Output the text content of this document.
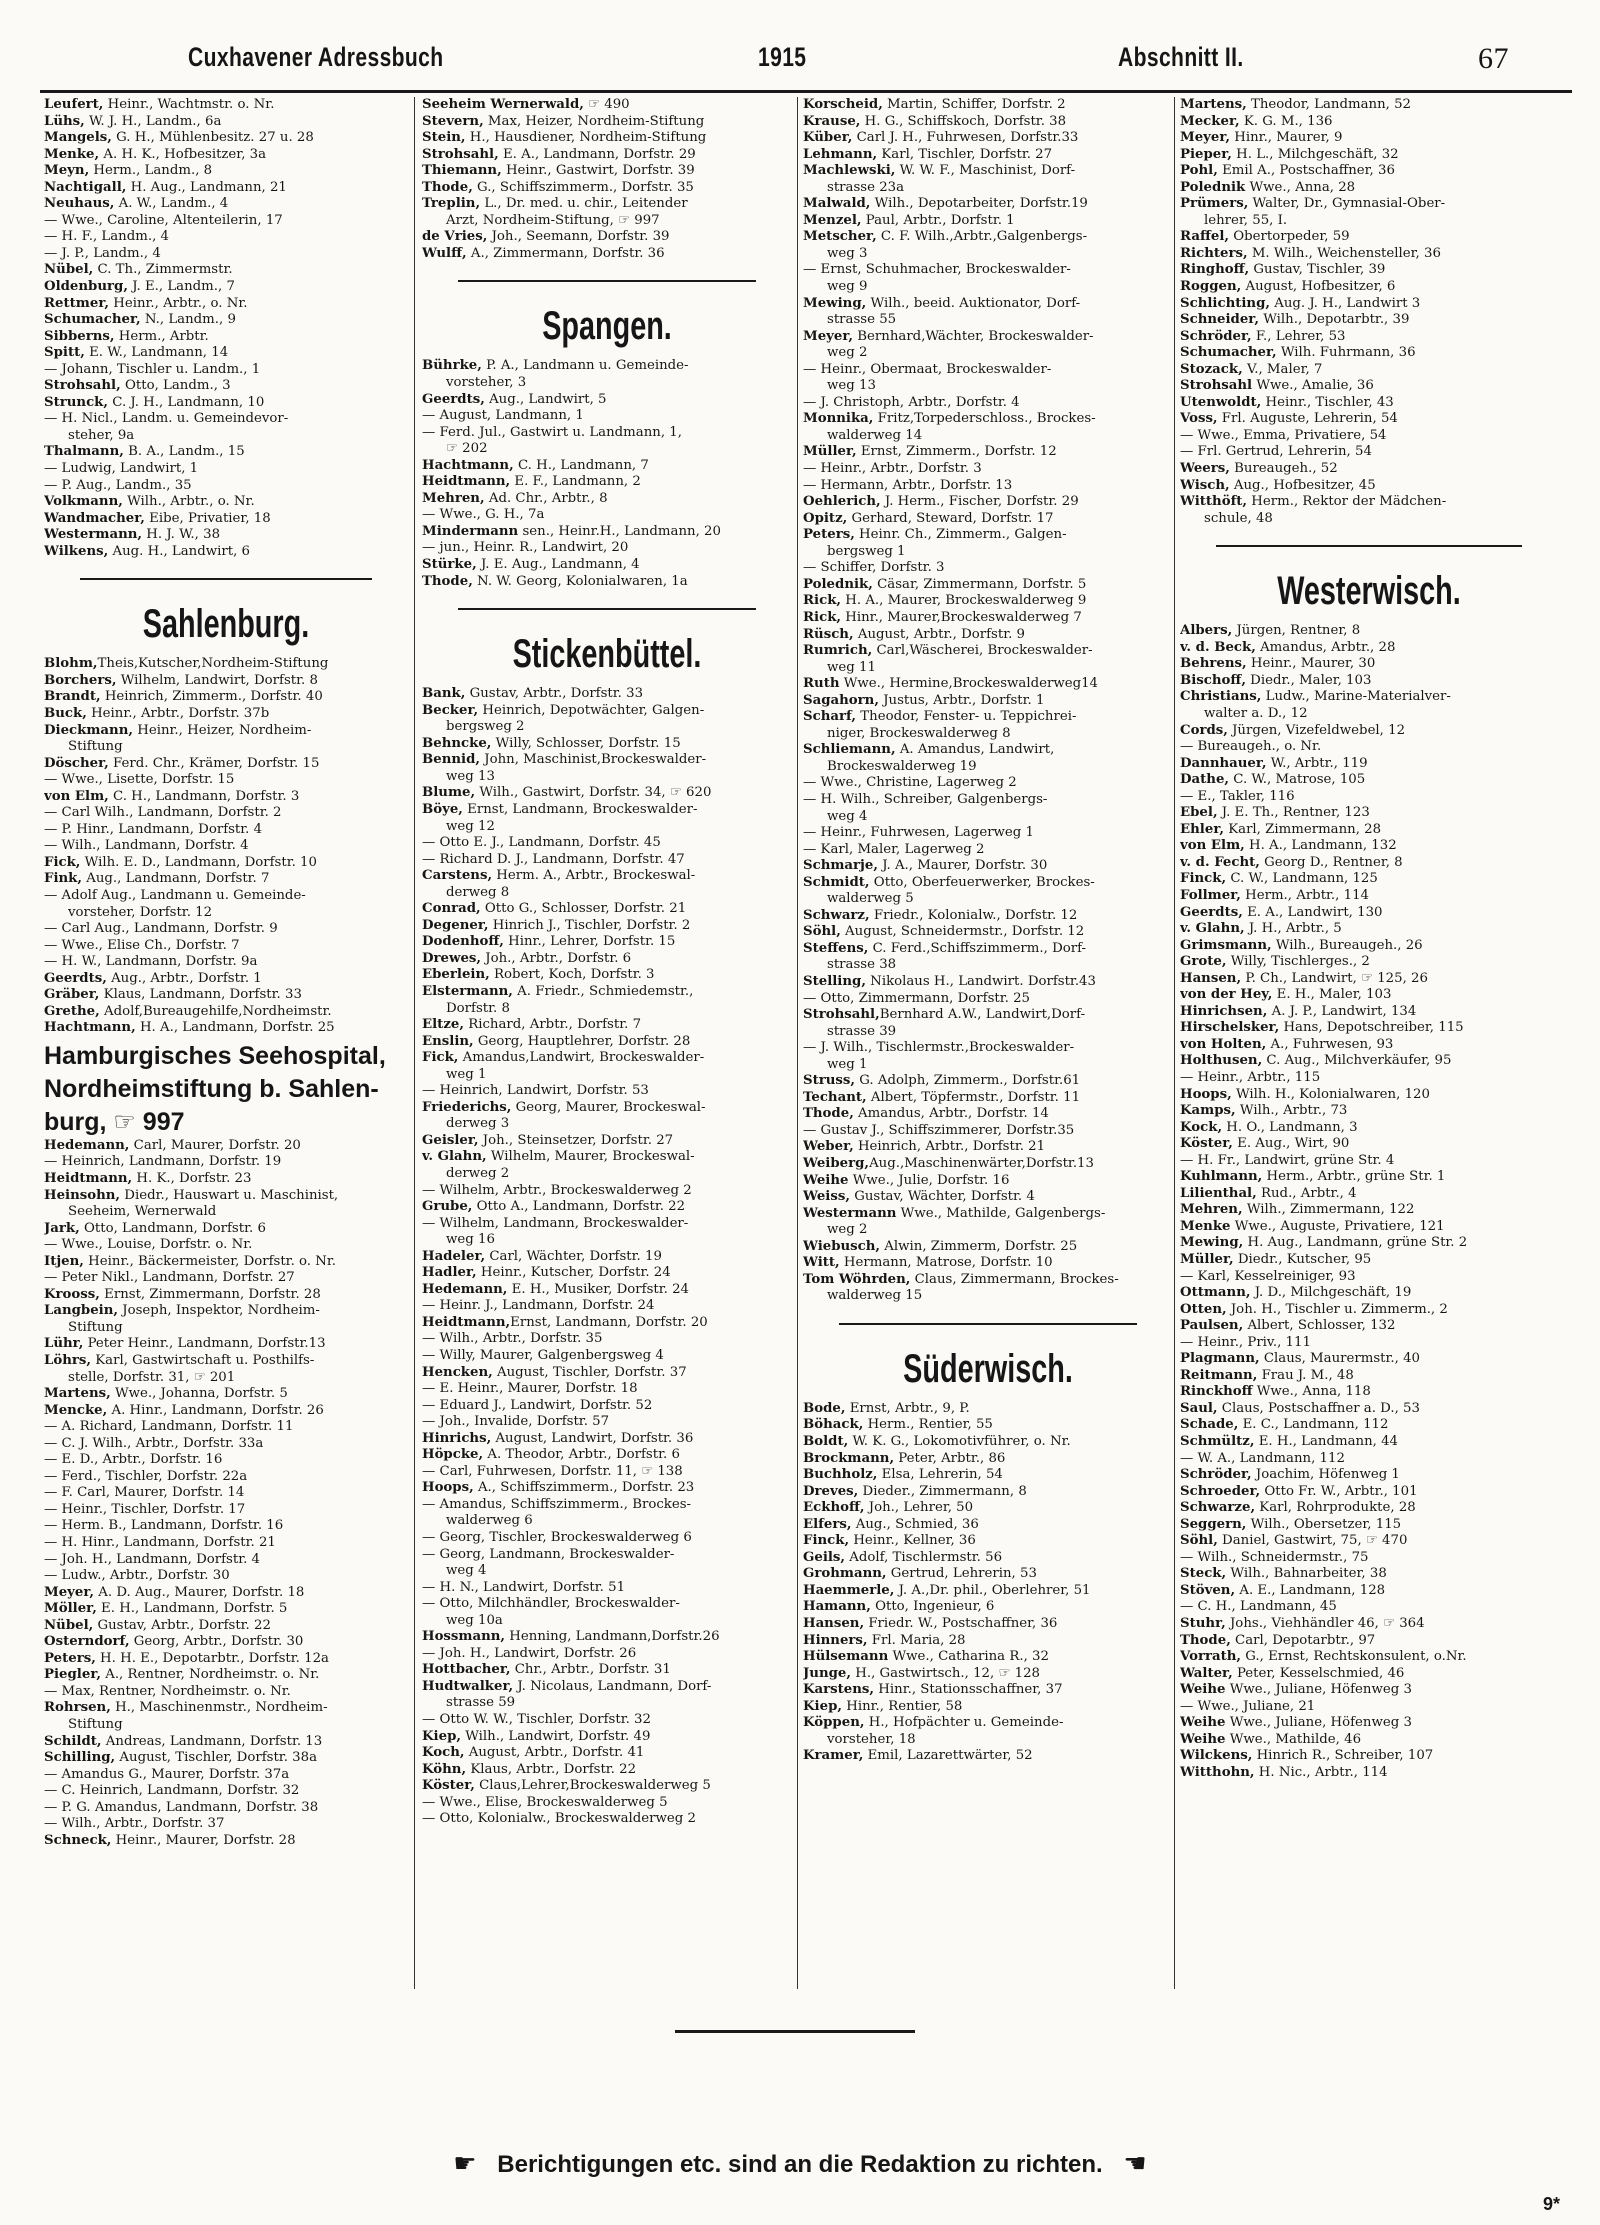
Cuxhavener Adressbuch	1915	Abschnitt II.	67
Leufert, Heinr., Wachtmstr. o. Nr.
Lühs, W. J. H., Landm., 6a
Mangels, G. H., Mühlenbesitz. 27 u. 28
Menke, A. H. K., Hofbesitzer, 3a
Meyn, Herm., Landm., 8
Nachtigall, H. Aug., Landmann, 21
Neuhaus, A. W., Landm., 4
— Wwe., Caroline, Altenteilerin, 17
— H. F., Landm., 4
— J. P., Landm., 4
Nübel, C. Th., Zimmermstr.
Oldenburg, J. E., Landm., 7
Rettmer, Heinr., Arbtr., o. Nr.
Schumacher, N., Landm., 9
Sibberns, Herm., Arbtr.
Spitt, E. W., Landmann, 14
— Johann, Tischler u. Landm., 1
Strohsahl, Otto, Landm., 3
Strunck, C. J. H., Landmann, 10
— H. Nicl., Landm. u. Gemeindevor-
steher, 9a
Thalmann, B. A., Landm., 15
— Ludwig, Landwirt, 1
— P. Aug., Landm., 35
Volkmann, Wilh., Arbtr., o. Nr.
Wandmacher, Eibe, Privatier, 18
Westermann, H. J. W., 38
Wilkens, Aug. H., Landwirt, 6
Sahlenburg.
Blohm,Theis,Kutscher,Nordheim-Stiftung
Borchers, Wilhelm, Landwirt, Dorfstr. 8
Brandt, Heinrich, Zimmerm., Dorfstr. 40
Buck, Heinr., Arbtr., Dorfstr. 37b
Dieckmann, Heinr., Heizer, Nordheim-
Stiftung
Döscher, Ferd. Chr., Krämer, Dorfstr. 15
— Wwe., Lisette, Dorfstr. 15
von Elm, C. H., Landmann, Dorfstr. 3
— Carl Wilh., Landmann, Dorfstr. 2
— P. Hinr., Landmann, Dorfstr. 4
— Wilh., Landmann, Dorfstr. 4
Fick, Wilh. E. D., Landmann, Dorfstr. 10
Fink, Aug., Landmann, Dorfstr. 7
— Adolf Aug., Landmann u. Gemeinde-
vorsteher, Dorfstr. 12
— Carl Aug., Landmann, Dorfstr. 9
— Wwe., Elise Ch., Dorfstr. 7
— H. W., Landmann, Dorfstr. 9a
Geerdts, Aug., Arbtr., Dorfstr. 1
Gräber, Klaus, Landmann, Dorfstr. 33
Grethe, Adolf,Bureaugehilfe,Nordheimstr.
Hachtmann, H. A., Landmann, Dorfstr. 25
Hamburgisches Seehospital,
Nordheimstiftung b. Sahlen-
burg, ☞ 997
Hedemann, Carl, Maurer, Dorfstr. 20
— Heinrich, Landmann, Dorfstr. 19
Heidtmann, H. K., Dorfstr. 23
Heinsohn, Diedr., Hauswart u. Maschinist,
Seeheim, Wernerwald
Jark, Otto, Landmann, Dorfstr. 6
— Wwe., Louise, Dorfstr. o. Nr.
Itjen, Heinr., Bäckermeister, Dorfstr. o. Nr.
— Peter Nikl., Landmann, Dorfstr. 27
Krooss, Ernst, Zimmermann, Dorfstr. 28
Langbein, Joseph, Inspektor, Nordheim-
Stiftung
Lühr, Peter Heinr., Landmann, Dorfstr.13
Löhrs, Karl, Gastwirtschaft u. Posthilfs-
stelle, Dorfstr. 31, ☞ 201
Martens, Wwe., Johanna, Dorfstr. 5
Mencke, A. Hinr., Landmann, Dorfstr. 26
— A. Richard, Landmann, Dorfstr. 11
— C. J. Wilh., Arbtr., Dorfstr. 33a
— E. D., Arbtr., Dorfstr. 16
— Ferd., Tischler, Dorfstr. 22a
— F. Carl, Maurer, Dorfstr. 14
— Heinr., Tischler, Dorfstr. 17
— Herm. B., Landmann, Dorfstr. 16
— H. Hinr., Landmann, Dorfstr. 21
— Joh. H., Landmann, Dorfstr. 4
— Ludw., Arbtr., Dorfstr. 30
Meyer, A. D. Aug., Maurer, Dorfstr. 18
Möller, E. H., Landmann, Dorfstr. 5
Nübel, Gustav, Arbtr., Dorfstr. 22
Osterndorf, Georg, Arbtr., Dorfstr. 30
Peters, H. H. E., Depotarbtr., Dorfstr. 12a
Piegler, A., Rentner, Nordheimstr. o. Nr.
— Max, Rentner, Nordheimstr. o. Nr.
Rohrsen, H., Maschinenmstr., Nordheim-
Stiftung
Schildt, Andreas, Landmann, Dorfstr. 13
Schilling, August, Tischler, Dorfstr. 38a
— Amandus G., Maurer, Dorfstr. 37a
— C. Heinrich, Landmann, Dorfstr. 32
— P. G. Amandus, Landmann, Dorfstr. 38
— Wilh., Arbtr., Dorfstr. 37
Schneck, Heinr., Maurer, Dorfstr. 28
Seeheim Wernerwald, ☞ 490
Stevern, Max, Heizer, Nordheim-Stiftung
Stein, H., Hausdiener, Nordheim-Stiftung
Strohsahl, E. A., Landmann, Dorfstr. 29
Thiemann, Heinr., Gastwirt, Dorfstr. 39
Thode, G., Schiffszimmerm., Dorfstr. 35
Treplin, L., Dr. med. u. chir., Leitender
Arzt, Nordheim-Stiftung, ☞ 997
de Vries, Joh., Seemann, Dorfstr. 39
Wulff, A., Zimmermann, Dorfstr. 36
Spangen.
Bührke, P. A., Landmann u. Gemeinde-
vorsteher, 3
Geerdts, Aug., Landwirt, 5
— August, Landmann, 1
— Ferd. Jul., Gastwirt u. Landmann, 1,
☞ 202
Hachtmann, C. H., Landmann, 7
Heidtmann, E. F., Landmann, 2
Mehren, Ad. Chr., Arbtr., 8
— Wwe., G. H., 7a
Mindermann sen., Heinr.H., Landmann, 20
— jun., Heinr. R., Landwirt, 20
Stürke, J. E. Aug., Landmann, 4
Thode, N. W. Georg, Kolonialwaren, 1a
Stickenbüttel.
Bank, Gustav, Arbtr., Dorfstr. 33
Becker, Heinrich, Depotwächter, Galgen-
bergsweg 2
Behncke, Willy, Schlosser, Dorfstr. 15
Bennid, John, Maschinist,Brockeswalder-
weg 13
Blume, Wilh., Gastwirt, Dorfstr. 34, ☞ 620
Böye, Ernst, Landmann, Brockeswalder-
weg 12
— Otto E. J., Landmann, Dorfstr. 45
— Richard D. J., Landmann, Dorfstr. 47
Carstens, Herm. A., Arbtr., Brockeswal-
derweg 8
Conrad, Otto G., Schlosser, Dorfstr. 21
Degener, Hinrich J., Tischler, Dorfstr. 2
Dodenhoff, Hinr., Lehrer, Dorfstr. 15
Drewes, Joh., Arbtr., Dorfstr. 6
Eberlein, Robert, Koch, Dorfstr. 3
Elstermann, A. Friedr., Schmiedemstr.,
Dorfstr. 8
Eltze, Richard, Arbtr., Dorfstr. 7
Enslin, Georg, Hauptlehrer, Dorfstr. 28
Fick, Amandus,Landwirt, Brockeswalder-
weg 1
— Heinrich, Landwirt, Dorfstr. 53
Friederichs, Georg, Maurer, Brockeswal-
derweg 3
Geisler, Joh., Steinsetzer, Dorfstr. 27
v. Glahn, Wilhelm, Maurer, Brockeswal-
derweg 2
— Wilhelm, Arbtr., Brockeswalderweg 2
Grube, Otto A., Landmann, Dorfstr. 22
— Wilhelm, Landmann, Brockeswalder-
weg 16
Hadeler, Carl, Wächter, Dorfstr. 19
Hadler, Heinr., Kutscher, Dorfstr. 24
Hedemann, E. H., Musiker, Dorfstr. 24
— Heinr. J., Landmann, Dorfstr. 24
Heidtmann,Ernst, Landmann, Dorfstr. 20
— Wilh., Arbtr., Dorfstr. 35
— Willy, Maurer, Galgenbergsweg 4
Hencken, August, Tischler, Dorfstr. 37
— E. Heinr., Maurer, Dorfstr. 18
— Eduard J., Landwirt, Dorfstr. 52
— Joh., Invalide, Dorfstr. 57
Hinrichs, August, Landwirt, Dorfstr. 36
Höpcke, A. Theodor, Arbtr., Dorfstr. 6
— Carl, Fuhrwesen, Dorfstr. 11, ☞ 138
Hoops, A., Schiffszimmerm., Dorfstr. 23
— Amandus, Schiffszimmerm., Brockes-
walderweg 6
— Georg, Tischler, Brockeswalderweg 6
— Georg, Landmann, Brockeswalder-
weg 4
— H. N., Landwirt, Dorfstr. 51
— Otto, Milchhändler, Brockeswalder-
weg 10a
Hossmann, Henning, Landmann,Dorfstr.26
— Joh. H., Landwirt, Dorfstr. 26
Hottbacher, Chr., Arbtr., Dorfstr. 31
Hudtwalker, J. Nicolaus, Landmann, Dorf-
strasse 59
— Otto W. W., Tischler, Dorfstr. 32
Kiep, Wilh., Landwirt, Dorfstr. 49
Koch, August, Arbtr., Dorfstr. 41
Köhn, Klaus, Arbtr., Dorfstr. 22
Köster, Claus,Lehrer,Brockeswalderweg 5
— Wwe., Elise, Brockeswalderweg 5
— Otto, Kolonialw., Brockeswalderweg 2
Korscheid, Martin, Schiffer, Dorfstr. 2
Krause, H. G., Schiffskoch, Dorfstr. 38
Küber, Carl J. H., Fuhrwesen, Dorfstr.33
Lehmann, Karl, Tischler, Dorfstr. 27
Machlewski, W. W. F., Maschinist, Dorf-
strasse 23a
Malwald, Wilh., Depotarbeiter, Dorfstr.19
Menzel, Paul, Arbtr., Dorfstr. 1
Metscher, C. F. Wilh.,Arbtr.,Galgenbergs-
weg 3
— Ernst, Schuhmacher, Brockeswalder-
weg 9
Mewing, Wilh., beeid. Auktionator, Dorf-
strasse 55
Meyer, Bernhard,Wächter, Brockeswalder-
weg 2
— Heinr., Obermaat, Brockeswalder-
weg 13
— J. Christoph, Arbtr., Dorfstr. 4
Monnika, Fritz,Torpederschloss., Brockes-
walderweg 14
Müller, Ernst, Zimmerm., Dorfstr. 12
— Heinr., Arbtr., Dorfstr. 3
— Hermann, Arbtr., Dorfstr. 13
Oehlerich, J. Herm., Fischer, Dorfstr. 29
Opitz, Gerhard, Steward, Dorfstr. 17
Peters, Heinr. Ch., Zimmerm., Galgen-
bergsweg 1
— Schiffer, Dorfstr. 3
Polednik, Cäsar, Zimmermann, Dorfstr. 5
Rick, H. A., Maurer, Brockeswalderweg 9
Rick, Hinr., Maurer,Brockeswalderweg 7
Rüsch, August, Arbtr., Dorfstr. 9
Rumrich, Carl,Wäscherei, Brockeswalder-
weg 11
Ruth Wwe., Hermine,Brockeswalderweg14
Sagahorn, Justus, Arbtr., Dorfstr. 1
Scharf, Theodor, Fenster- u. Teppichrei-
niger, Brockeswalderweg 8
Schliemann, A. Amandus, Landwirt,
Brockeswalderweg 19
— Wwe., Christine, Lagerweg 2
— H. Wilh., Schreiber, Galgenbergs-
weg 4
— Heinr., Fuhrwesen, Lagerweg 1
— Karl, Maler, Lagerweg 2
Schmarje, J. A., Maurer, Dorfstr. 30
Schmidt, Otto, Oberfeuerwerker, Brockes-
walderweg 5
Schwarz, Friedr., Kolonialw., Dorfstr. 12
Söhl, August, Schneidermstr., Dorfstr. 12
Steffens, C. Ferd.,Schiffszimmerm., Dorf-
strasse 38
Stelling, Nikolaus H., Landwirt. Dorfstr.43
— Otto, Zimmermann, Dorfstr. 25
Strohsahl,Bernhard A.W., Landwirt,Dorf-
strasse 39
— J. Wilh., Tischlermstr.,Brockeswalder-
weg 1
Struss, G. Adolph, Zimmerm., Dorfstr.61
Techant, Albert, Töpfermstr., Dorfstr. 11
Thode, Amandus, Arbtr., Dorfstr. 14
— Gustav J., Schiffszimmerer, Dorfstr.35
Weber, Heinrich, Arbtr., Dorfstr. 21
Weiberg,Aug.,Maschinenwärter,Dorfstr.13
Weihe Wwe., Julie, Dorfstr. 16
Weiss, Gustav, Wächter, Dorfstr. 4
Westermann Wwe., Mathilde, Galgenbergs-
weg 2
Wiebusch, Alwin, Zimmerm, Dorfstr. 25
Witt, Hermann, Matrose, Dorfstr. 10
Tom Wöhrden, Claus, Zimmermann, Brockes-
walderweg 15
Süderwisch.
Bode, Ernst, Arbtr., 9, P.
Böhack, Herm., Rentier, 55
Boldt, W. K. G., Lokomotivführer, o. Nr.
Brockmann, Peter, Arbtr., 86
Buchholz, Elsa, Lehrerin, 54
Dreves, Dieder., Zimmermann, 8
Eckhoff, Joh., Lehrer, 50
Elfers, Aug., Schmied, 36
Finck, Heinr., Kellner, 36
Geils, Adolf, Tischlermstr. 56
Grohmann, Gertrud, Lehrerin, 53
Haemmerle, J. A.,Dr. phil., Oberlehrer, 51
Hamann, Otto, Ingenieur, 6
Hansen, Friedr. W., Postschaffner, 36
Hinners, Frl. Maria, 28
Hülsemann Wwe., Catharina R., 32
Junge, H., Gastwirtsch., 12, ☞ 128
Karstens, Hinr., Stationsschaffner, 37
Kiep, Hinr., Rentier, 58
Köppen, H., Hofpächter u. Gemeinde-
vorsteher, 18
Kramer, Emil, Lazarettwärter, 52
Martens, Theodor, Landmann, 52
Mecker, K. G. M., 136
Meyer, Hinr., Maurer, 9
Pieper, H. L., Milchgeschäft, 32
Pohl, Emil A., Postschaffner, 36
Polednik Wwe., Anna, 28
Prümers, Walter, Dr., Gymnasial-Ober-
lehrer, 55, I.
Raffel, Obertorpeder, 59
Richters, M. Wilh., Weichensteller, 36
Ringhoff, Gustav, Tischler, 39
Roggen, August, Hofbesitzer, 6
Schlichting, Aug. J. H., Landwirt 3
Schneider, Wilh., Depotarbtr., 39
Schröder, F., Lehrer, 53
Schumacher, Wilh. Fuhrmann, 36
Stozack, V., Maler, 7
Strohsahl Wwe., Amalie, 36
Utenwoldt, Heinr., Tischler, 43
Voss, Frl. Auguste, Lehrerin, 54
— Wwe., Emma, Privatiere, 54
— Frl. Gertrud, Lehrerin, 54
Weers, Bureaugeh., 52
Wisch, Aug., Hofbesitzer, 45
Witthöft, Herm., Rektor der Mädchen-
schule, 48
Westerwisch.
Albers, Jürgen, Rentner, 8
v. d. Beck, Amandus, Arbtr., 28
Behrens, Heinr., Maurer, 30
Bischoff, Diedr., Maler, 103
Christians, Ludw., Marine-Materialver-
walter a. D., 12
Cords, Jürgen, Vizefeldwebel, 12
— Bureaugeh., o. Nr.
Dannhauer, W., Arbtr., 119
Dathe, C. W., Matrose, 105
— E., Takler, 116
Ebel, J. E. Th., Rentner, 123
Ehler, Karl, Zimmermann, 28
von Elm, H. A., Landmann, 132
v. d. Fecht, Georg D., Rentner, 8
Finck, C. W., Landmann, 125
Follmer, Herm., Arbtr., 114
Geerdts, E. A., Landwirt, 130
v. Glahn, J. H., Arbtr., 5
Grimsmann, Wilh., Bureaugeh., 26
Grote, Willy, Tischlerges., 2
Hansen, P. Ch., Landwirt, ☞ 125, 26
von der Hey, E. H., Maler, 103
Hinrichsen, A. J. P., Landwirt, 134
Hirschelsker, Hans, Depotschreiber, 115
von Holten, A., Fuhrwesen, 93
Holthusen, C. Aug., Milchverkäufer, 95
— Heinr., Arbtr., 115
Hoops, Wilh. H., Kolonialwaren, 120
Kamps, Wilh., Arbtr., 73
Kock, H. O., Landmann, 3
Köster, E. Aug., Wirt, 90
— H. Fr., Landwirt, grüne Str. 4
Kuhlmann, Herm., Arbtr., grüne Str. 1
Lilienthal, Rud., Arbtr., 4
Mehren, Wilh., Zimmermann, 122
Menke Wwe., Auguste, Privatiere, 121
Mewing, H. Aug., Landmann, grüne Str. 2
Müller, Diedr., Kutscher, 95
— Karl, Kesselreiniger, 93
Ottmann, J. D., Milchgeschäft, 19
Otten, Joh. H., Tischler u. Zimmerm., 2
Paulsen, Albert, Schlosser, 132
— Heinr., Priv., 111
Plagmann, Claus, Maurermstr., 40
Reitmann, Frau J. M., 48
Rinckhoff Wwe., Anna, 118
Saul, Claus, Postschaffner a. D., 53
Schade, E. C., Landmann, 112
Schmültz, E. H., Landmann, 44
— W. A., Landmann, 112
Schröder, Joachim, Höfenweg 1
Schroeder, Otto Fr. W., Arbtr., 101
Schwarze, Karl, Rohrprodukte, 28
Seggern, Wilh., Obersetzer, 115
Söhl, Daniel, Gastwirt, 75, ☞ 470
— Wilh., Schneidermstr., 75
Steck, Wilh., Bahnarbeiter, 38
Stöven, A. E., Landmann, 128
— C. H., Landmann, 45
Stuhr, Johs., Viehhändler 46, ☞ 364
Thode, Carl, Depotarbtr., 97
Vorrath, G., Ernst, Rechtskonsulent, o.Nr.
Walter, Peter, Kesselschmied, 46
Weihe Wwe., Juliane, Höfenweg 3
— Wwe., Juliane, 21
Weihe Wwe., Juliane, Höfenweg 3
Weihe Wwe., Mathilde, 46
Wilckens, Hinrich R., Schreiber, 107
Witthohn, H. Nic., Arbtr., 114
☛ Berichtigungen etc. sind an die Redaktion zu richten. ☚
9*
